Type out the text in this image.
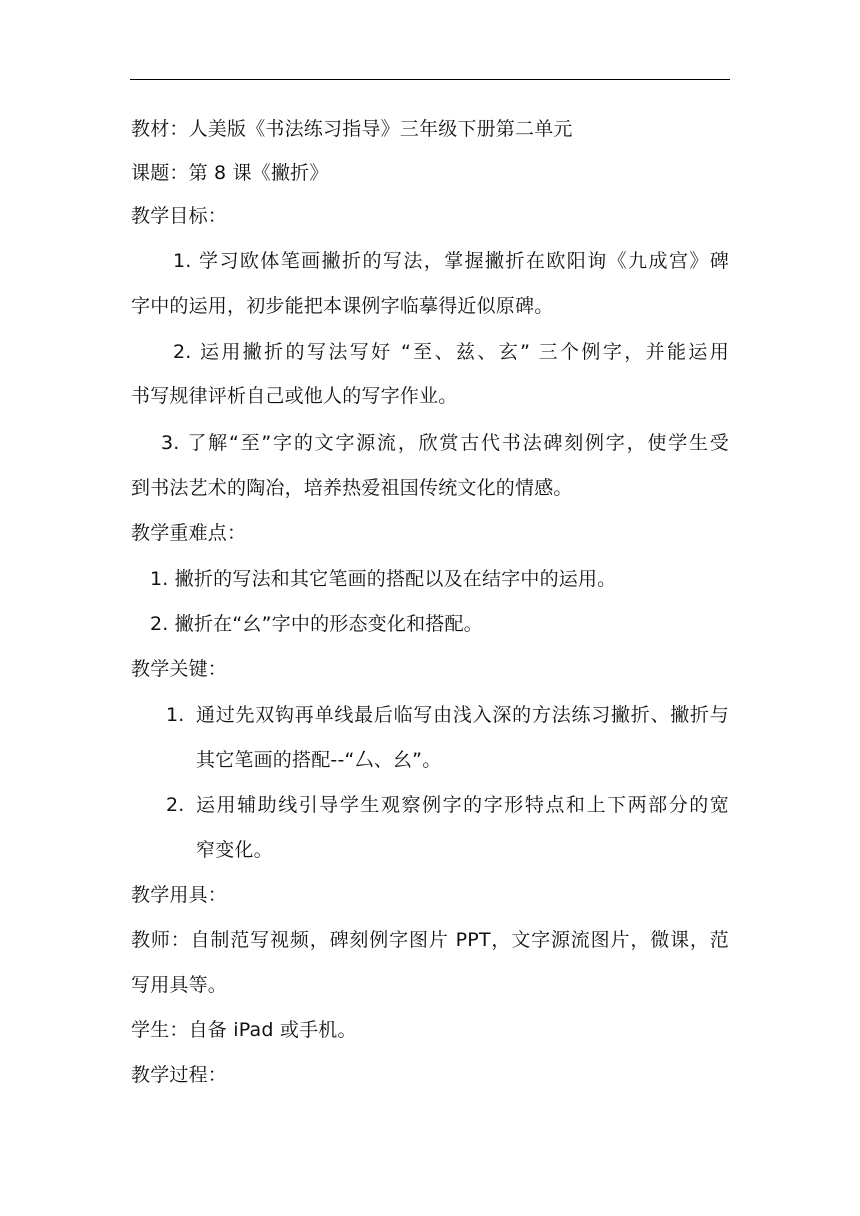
教材：人美版《书法练习指导》三年级下册第二单元
课题：第 8 课《撇折》
教学目标：
1. 学习欧体笔画撇折的写法，掌握撇折在欧阳询《九成宫》碑
字中的运用，初步能把本课例字临摹得近似原碑。
2. 运用撇折的写法写好 “至、兹、玄” 三个例字，并能运用
书写规律评析自己或他人的写字作业。
3. 了解“至”字的文字源流，欣赏古代书法碑刻例字，使学生受
到书法艺术的陶冶，培养热爱祖国传统文化的情感。
教学重难点：
1. 撇折的写法和其它笔画的搭配以及在结字中的运用。
2. 撇折在“幺”字中的形态变化和搭配。
教学关键：
1. 通过先双钩再单线最后临写由浅入深的方法练习撇折、撇折与
其它笔画的搭配--“厶、幺”。
2. 运用辅助线引导学生观察例字的字形特点和上下两部分的宽
窄变化。
教学用具：
教师：自制范写视频，碑刻例字图片 PPT，文字源流图片，微课，范
写用具等。
学生：自备 iPad 或手机。
教学过程：
